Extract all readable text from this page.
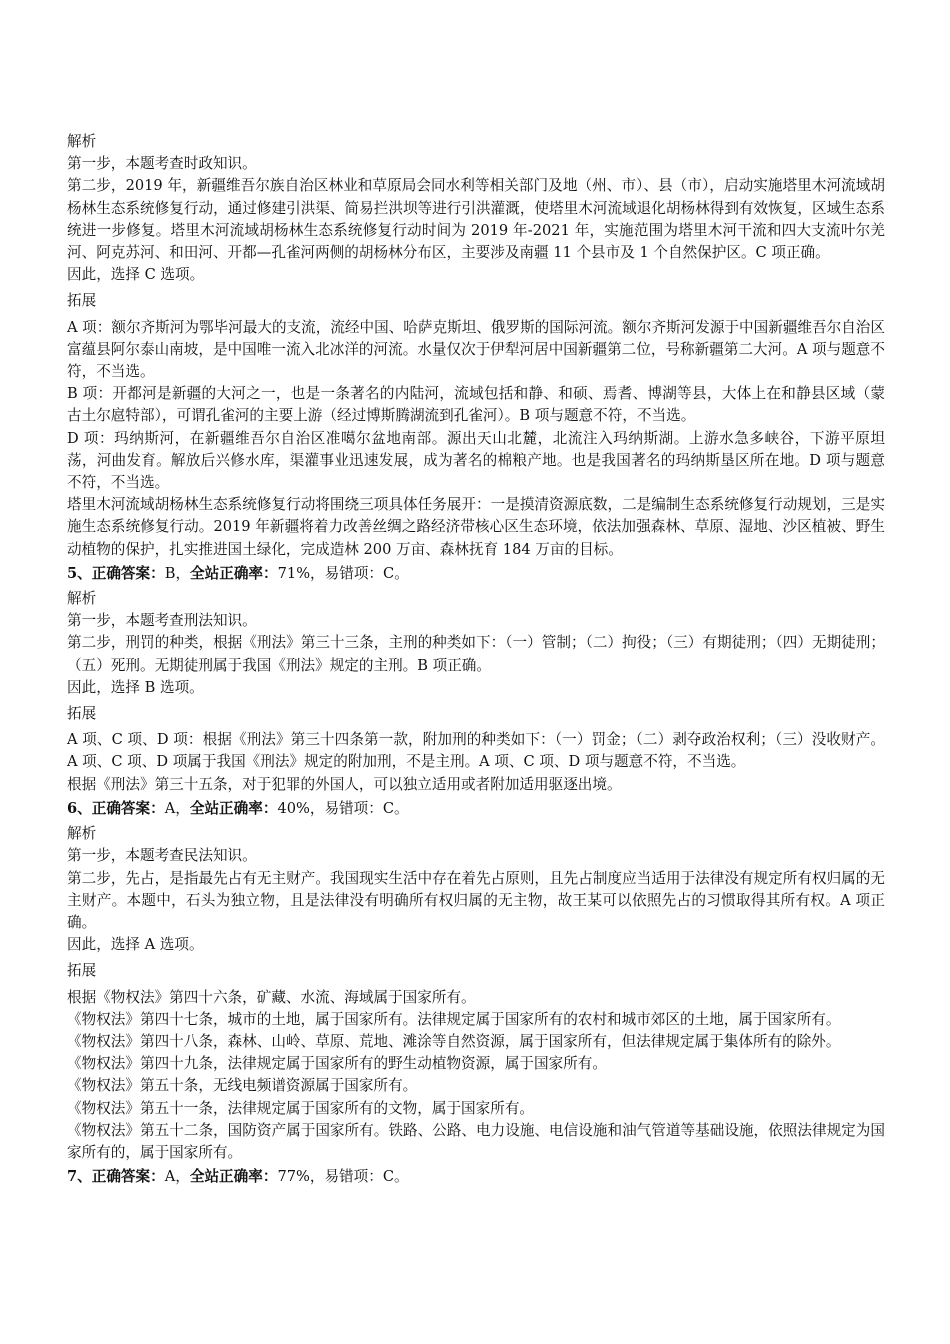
解析

第一步，本题考查时政知识。

第二步，2019 年，新疆维吾尔族自治区林业和草原局会同水利等相关部门及地（州、市）、县（市），启动实施塔里木河流域胡杨林生态系统修复行动，通过修建引洪渠、简易拦洪坝等进行引洪灌溉，使塔里木河流域退化胡杨林得到有效恢复，区域生态系统进一步修复。塔里木河流域胡杨林生态系统修复行动时间为 2019 年-2021 年，实施范围为塔里木河干流和四大支流叶尔羌河、阿克苏河、和田河、开都—孔雀河两侧的胡杨林分布区，主要涉及南疆 11 个县市及 1 个自然保护区。C 项正确。

因此，选择 C 选项。

拓展

A 项：额尔齐斯河为鄂毕河最大的支流，流经中国、哈萨克斯坦、俄罗斯的国际河流。额尔齐斯河发源于中国新疆维吾尔自治区富蕴县阿尔泰山南坡，是中国唯一流入北冰洋的河流。水量仅次于伊犁河居中国新疆第二位，号称新疆第二大河。A 项与题意不符，不当选。

B 项：开都河是新疆的大河之一，也是一条著名的内陆河，流域包括和静、和硕、焉耆、博湖等县，大体上在和静县区域（蒙古土尔扈特部），可谓孔雀河的主要上游（经过博斯腾湖流到孔雀河）。B 项与题意不符，不当选。

D 项：玛纳斯河，在新疆维吾尔自治区准噶尔盆地南部。源出天山北麓，北流注入玛纳斯湖。上游水急多峡谷，下游平原坦荡，河曲发育。解放后兴修水库，渠灌事业迅速发展，成为著名的棉粮产地。也是我国著名的玛纳斯垦区所在地。D 项与题意不符，不当选。

塔里木河流域胡杨林生态系统修复行动将围绕三项具体任务展开：一是摸清资源底数，二是编制生态系统修复行动规划，三是实施生态系统修复行动。2019 年新疆将着力改善丝绸之路经济带核心区生态环境，依法加强森林、草原、湿地、沙区植被、野生动植物的保护，扎实推进国土绿化，完成造林 200 万亩、森林抚育 184 万亩的目标。

5、正确答案：B，全站正确率：71%，易错项：C。

解析

第一步，本题考查刑法知识。

第二步，刑罚的种类，根据《刑法》第三十三条，主刑的种类如下：（一）管制；（二）拘役；（三）有期徒刑；（四）无期徒刑；（五）死刑。无期徒刑属于我国《刑法》规定的主刑。B 项正确。

因此，选择 B 选项。

拓展

A 项、C 项、D 项：根据《刑法》第三十四条第一款，附加刑的种类如下：（一）罚金；（二）剥夺政治权利；（三）没收财产。A 项、C 项、D 项属于我国《刑法》规定的附加刑，不是主刑。A 项、C 项、D 项与题意不符，不当选。

根据《刑法》第三十五条，对于犯罪的外国人，可以独立适用或者附加适用驱逐出境。

6、正确答案：A，全站正确率：40%，易错项：C。

解析

第一步，本题考查民法知识。

第二步，先占，是指最先占有无主财产。我国现实生活中存在着先占原则，且先占制度应当适用于法律没有规定所有权归属的无主财产。本题中，石头为独立物，且是法律没有明确所有权归属的无主物，故王某可以依照先占的习惯取得其所有权。A 项正确。

因此，选择 A 选项。

拓展

根据《物权法》第四十六条，矿藏、水流、海域属于国家所有。

《物权法》第四十七条，城市的土地，属于国家所有。法律规定属于国家所有的农村和城市郊区的土地，属于国家所有。

《物权法》第四十八条，森林、山岭、草原、荒地、滩涂等自然资源，属于国家所有，但法律规定属于集体所有的除外。

《物权法》第四十九条，法律规定属于国家所有的野生动植物资源，属于国家所有。

《物权法》第五十条，无线电频谱资源属于国家所有。

《物权法》第五十一条，法律规定属于国家所有的文物，属于国家所有。

《物权法》第五十二条，国防资产属于国家所有。铁路、公路、电力设施、电信设施和油气管道等基础设施，依照法律规定为国家所有的，属于国家所有。

7、正确答案：A，全站正确率：77%，易错项：C。
